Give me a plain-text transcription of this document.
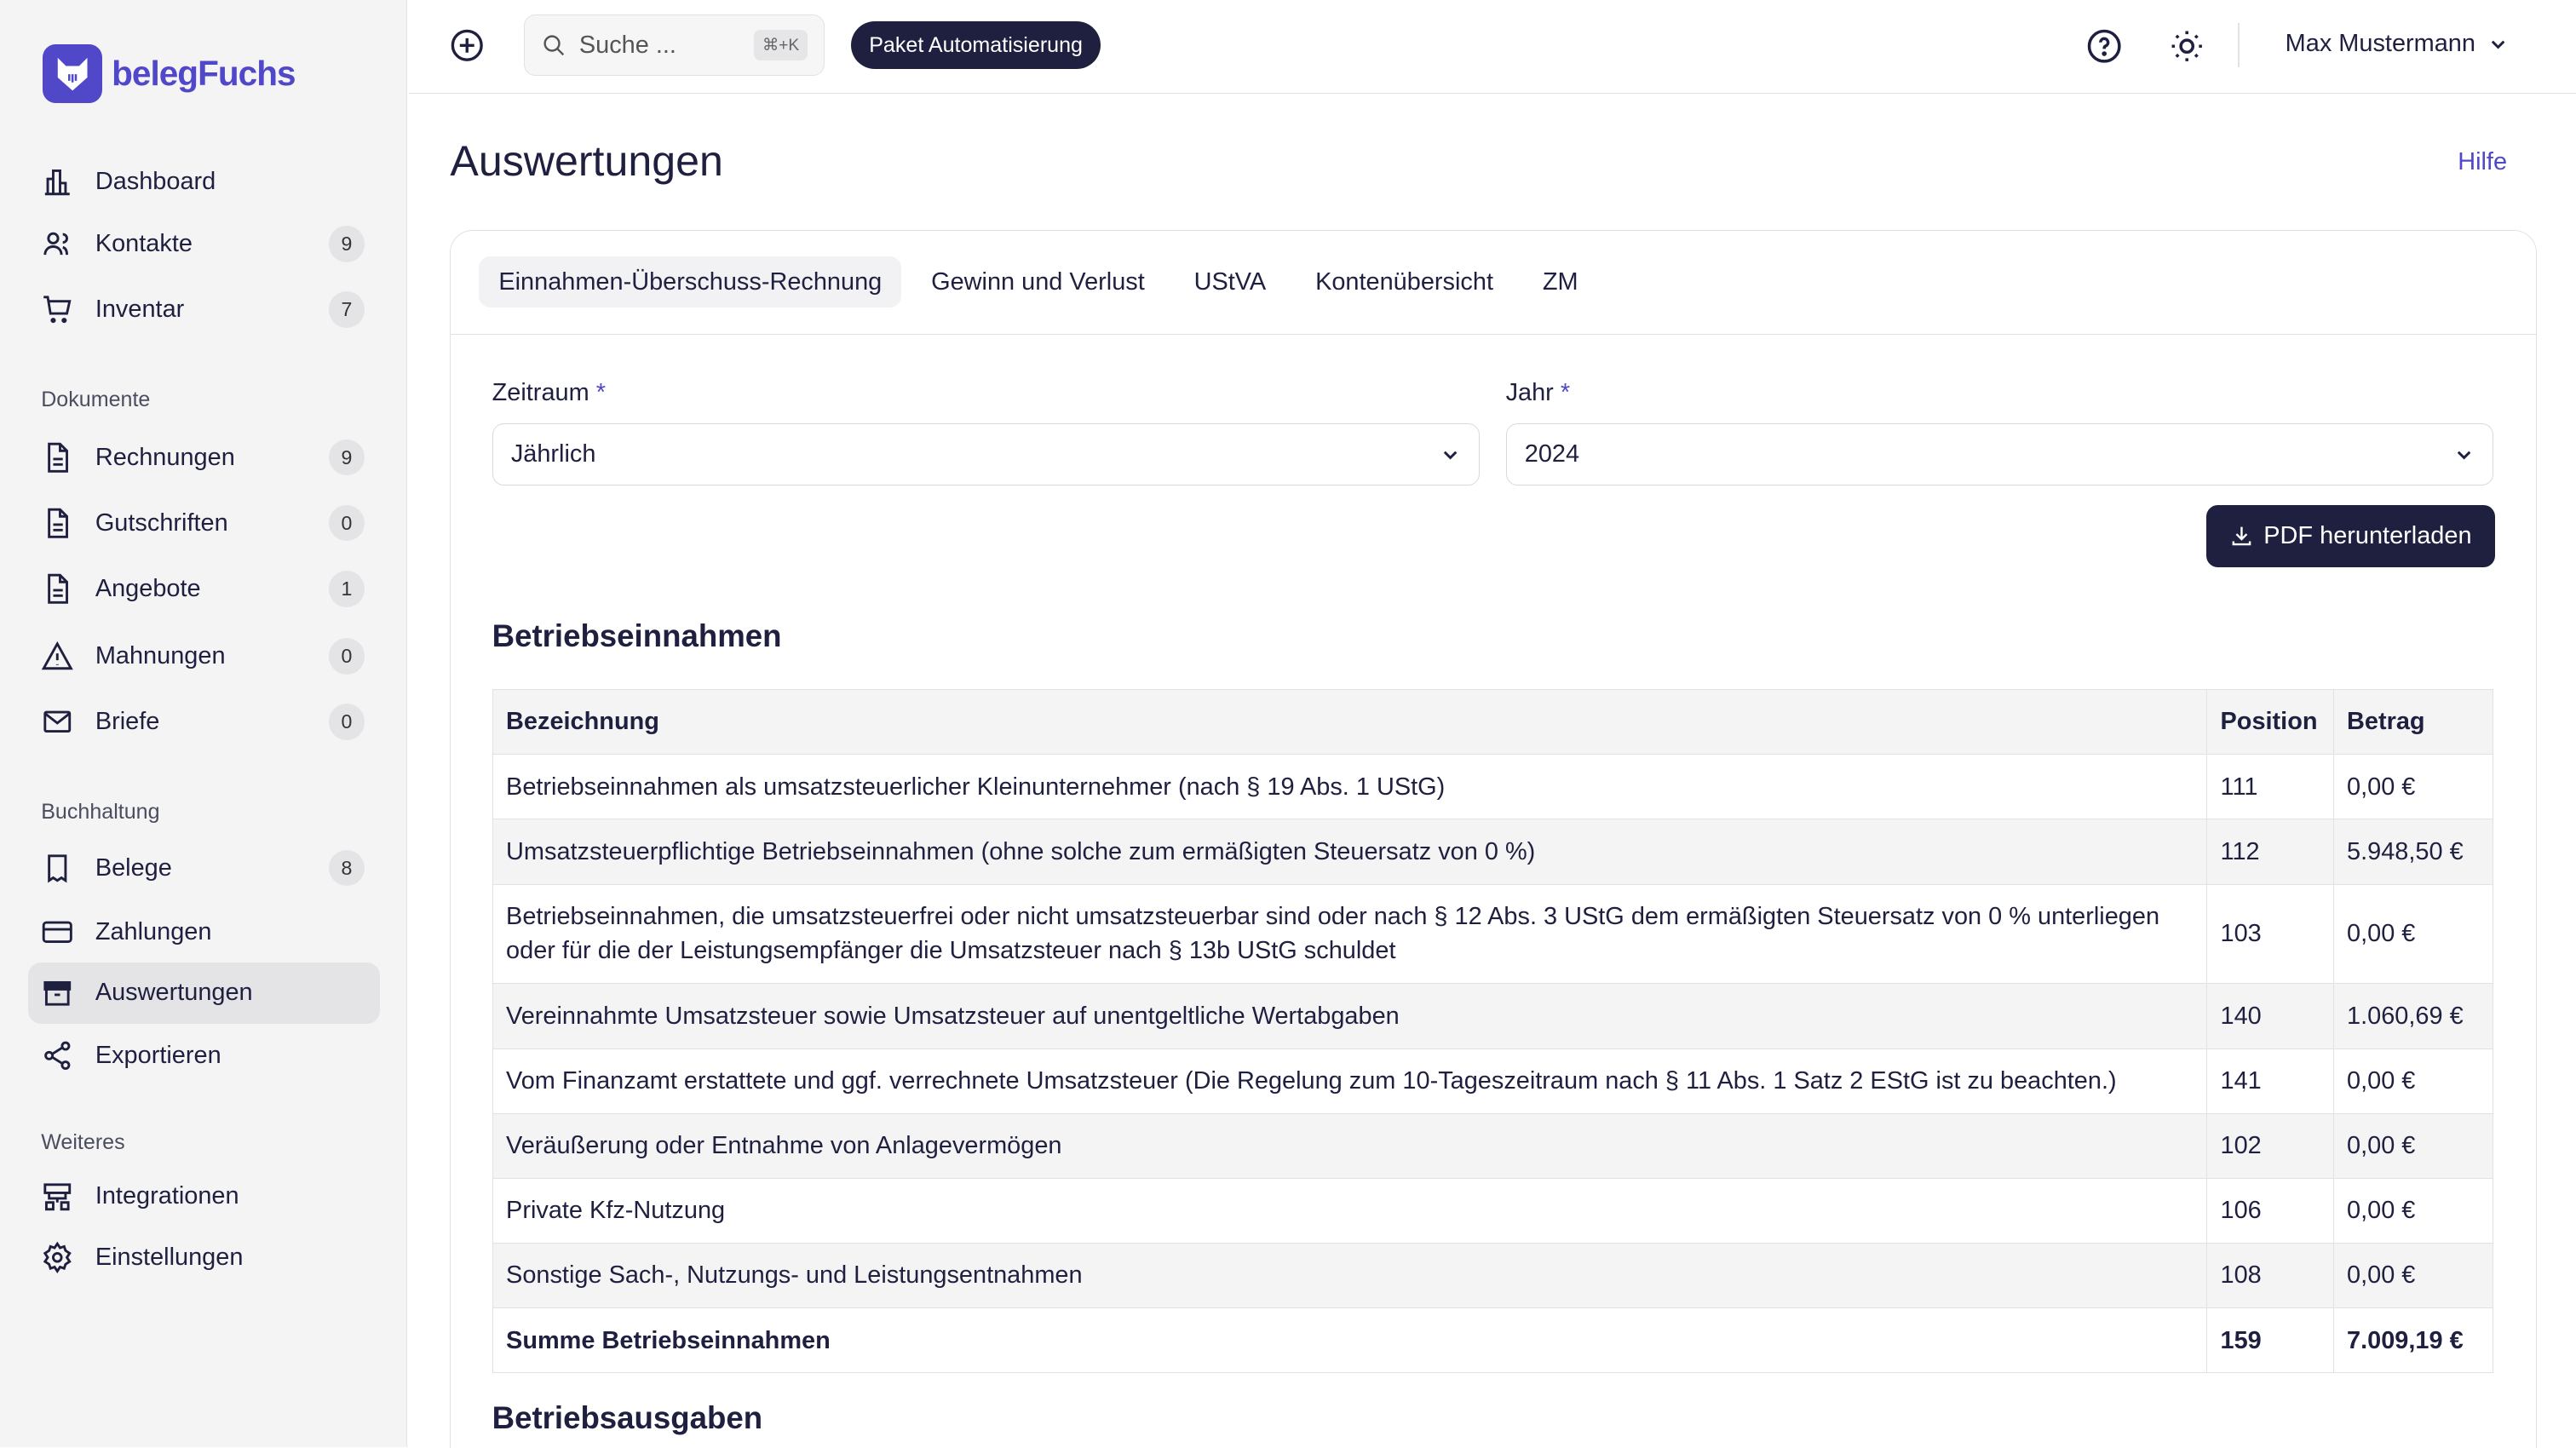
belegFuchs
Dashboard
Kontakte	9
Inventar	7
Dokumente
Rechnungen	9
Gutschriften	0
Angebote	1
Mahnungen	0
Briefe	0
Buchhaltung
Belege	8
Zahlungen
Auswertungen
Exportieren
Weiteres
Integrationen
Einstellungen
Suche ...	⌘+K	Paket Automatisierung	Max Mustermann
Auswertungen	Hilfe
Einnahmen-Überschuss-Rechnung	Gewinn und Verlust	UStVA	Kontenübersicht	ZM
Zeitraum *
Jährlich
Jahr *
2024
PDF herunterladen
Betriebseinnahmen
Bezeichnung	Position	Betrag
Betriebseinnahmen als umsatzsteuerlicher Kleinunternehmer (nach § 19 Abs. 1 UStG)	111	0,00 €
Umsatzsteuerpflichtige Betriebseinnahmen (ohne solche zum ermäßigten Steuersatz von 0 %)	112	5.948,50 €
Betriebseinnahmen, die umsatzsteuerfrei oder nicht umsatzsteuerbar sind oder nach § 12 Abs. 3 UStG dem ermäßigten Steuersatz von 0 % unterliegen oder für die der Leistungsempfänger die Umsatzsteuer nach § 13b UStG schuldet	103	0,00 €
Vereinnahmte Umsatzsteuer sowie Umsatzsteuer auf unentgeltliche Wertabgaben	140	1.060,69 €
Vom Finanzamt erstattete und ggf. verrechnete Umsatzsteuer (Die Regelung zum 10-Tageszeitraum nach § 11 Abs. 1 Satz 2 EStG ist zu beachten.)	141	0,00 €
Veräußerung oder Entnahme von Anlagevermögen	102	0,00 €
Private Kfz-Nutzung	106	0,00 €
Sonstige Sach-, Nutzungs- und Leistungsentnahmen	108	0,00 €
Summe Betriebseinnahmen	159	7.009,19 €
Betriebsausgaben
